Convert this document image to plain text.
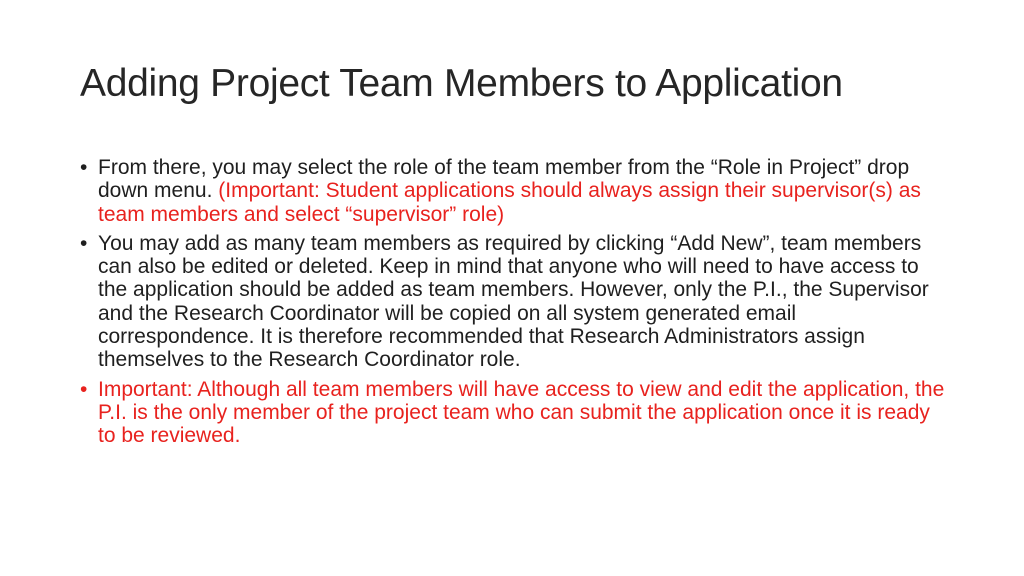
Adding Project Team Members to Application
• From there, you may select the role of the team member from the “Role in Project” drop down menu. (Important: Student applications should always assign their supervisor(s) as team members and select “supervisor” role)
• You may add as many team members as required by clicking “Add New”, team members can also be edited or deleted. Keep in mind that anyone who will need to have access to the application should be added as team members. However, only the P.I., the Supervisor and the Research Coordinator will be copied on all system generated email correspondence. It is therefore recommended that Research Administrators assign themselves to the Research Coordinator role.
• Important: Although all team members will have access to view and edit the application, the P.I. is the only member of the project team who can submit the application once it is ready to be reviewed.
